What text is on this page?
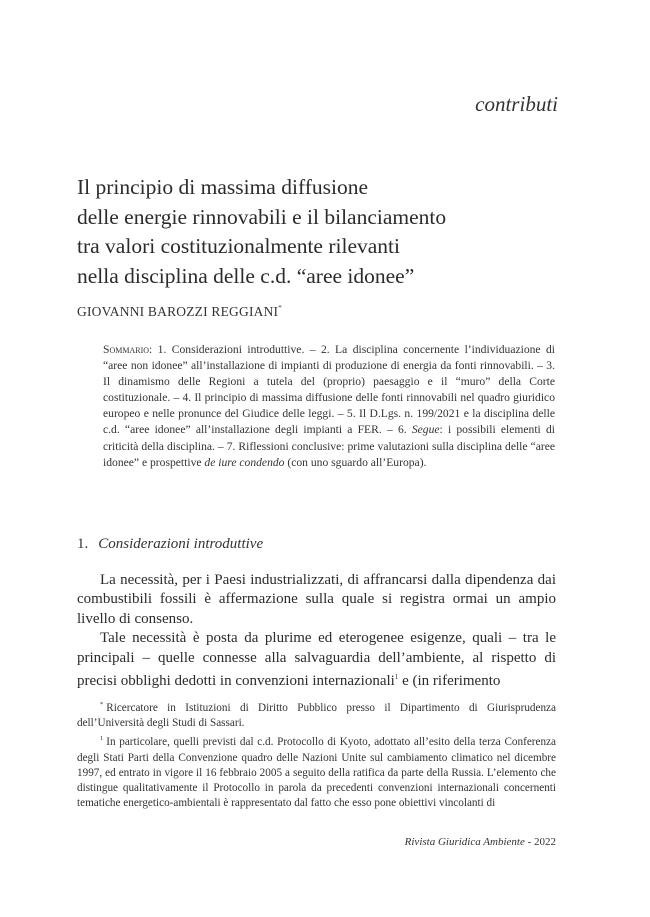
contributi
Il principio di massima diffusione
delle energie rinnovabili e il bilanciamento
tra valori costituzionalmente rilevanti
nella disciplina delle c.d. “aree idonee”
GIOVANNI BAROZZI REGGIANI*
Sommario: 1. Considerazioni introduttive. – 2. La disciplina concernente l’individuazione di “aree non idonee” all’installazione di impianti di produzione di energia da fonti rinnovabili. – 3. Il dinamismo delle Regioni a tutela del (proprio) paesaggio e il “muro” della Corte costituzionale. – 4. Il principio di massima diffusione delle fonti rinnovabili nel quadro giuridico europeo e nelle pronunce del Giudice delle leggi. – 5. Il D.Lgs. n. 199/2021 e la disciplina delle c.d. “aree idonee” all’installazione degli impianti a FER. – 6. Segue: i possibili elementi di criticità della disciplina. – 7. Riflessioni conclusive: prime valutazioni sulla disciplina delle “aree idonee” e prospettive de iure condendo (con uno sguardo all’Europa).
1. Considerazioni introduttive

La necessità, per i Paesi industrializzati, di affrancarsi dalla dipendenza dai combustibili fossili è affermazione sulla quale si registra ormai un ampio livello di consenso.

Tale necessità è posta da plurime ed eterogenee esigenze, quali – tra le principali – quelle connesse alla salvaguardia dell’ambiente, al rispetto di precisi obblighi dedotti in convenzioni internazionali$^1$ e (in riferimento

* Ricercatore in Istituzioni di Diritto Pubblico presso il Dipartimento di Giurisprudenza dell’Università degli Studi di Sassari.

$^1$ In particolare, quelli previsti dal c.d. Protocollo di Kyoto, adottato all’esito della terza Conferenza degli Stati Parti della Convenzione quadro delle Nazioni Unite sul cambiamento climatico nel dicembre 1997, ed entrato in vigore il 16 febbraio 2005 a seguito della ratifica da parte della Russia. L’elemento che distingue qualitativamente il Protocollo in parola da precedenti convenzioni internazionali concernenti tematiche energetico-ambientali è rappresentato dal fatto che esso pone obiettivi vincolanti di

Rivista Giuridica Ambiente - 2022
